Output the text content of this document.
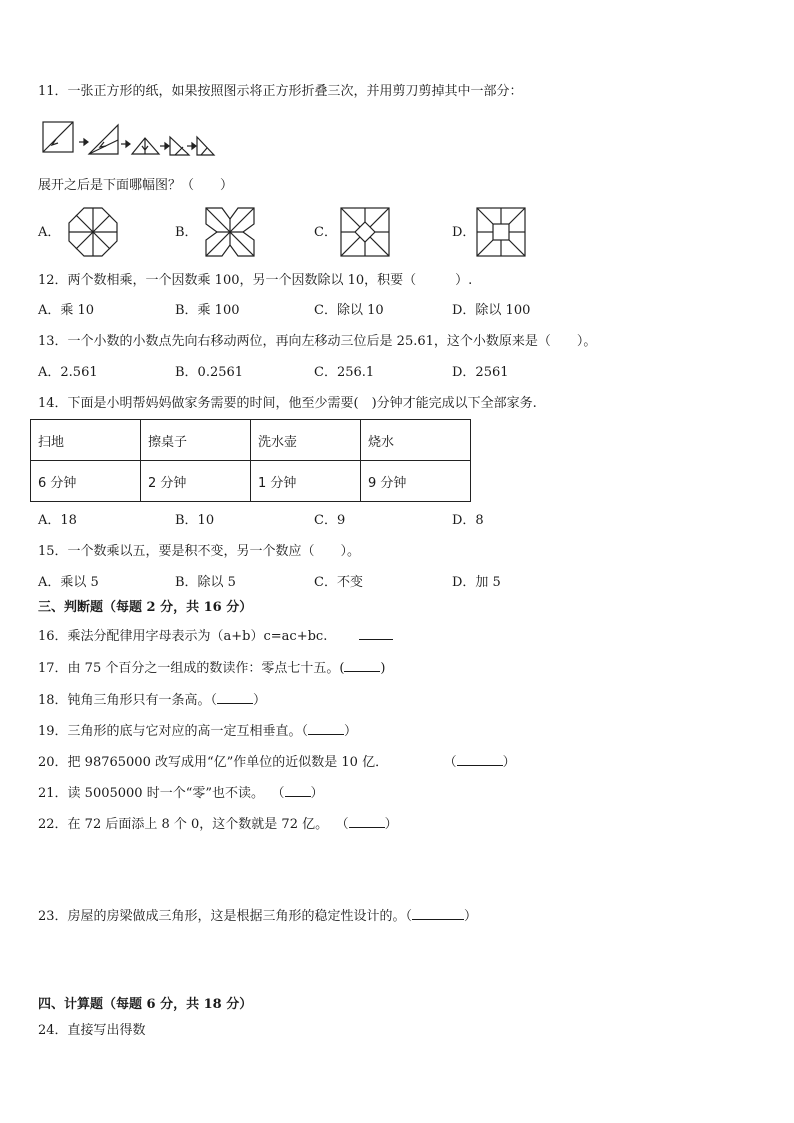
11．一张正方形的纸，如果按照图示将正方形折叠三次，并用剪刀剪掉其中一部分：
展开之后是下面哪幅图？（　　）
A．	B．	C．	D．
12．两个数相乘，一个因数乘 100，另一个因数除以 10，积要（　　　）.
A．乘 10	B．乘 100	C．除以 10	D．除以 100
13．一个小数的小数点先向右移动两位，再向左移动三位后是 25.61，这个小数原来是（　　）。
A．2.561	B．0.2561	C．256.1	D．2561
14．下面是小明帮妈妈做家务需要的时间，他至少需要(　)分钟才能完成以下全部家务.
扫地	擦桌子	洗水壶	烧水
6 分钟	2 分钟	1 分钟	9 分钟
A．18	B．10	C．9	D．8
15．一个数乘以五，要是积不变，另一个数应（　　）。
A．乘以 5	B．除以 5	C．不变	D．加 5
三、判断题（每题 2 分，共 16 分）
16．乘法分配律用字母表示为（a+b）c=ac+bc.
17．由 75 个百分之一组成的数读作：零点七十五。(	)
18．钝角三角形只有一条高。（	）
19．三角形的底与它对应的高一定互相垂直。（	）
20．把 98765000 改写成用“亿”作单位的近似数是 10 亿．	（	）
21．读 5005000 时一个“零”也不读。 （ ）
22．在 72 后面添上 8 个 0，这个数就是 72 亿。 （	）
23．房屋的房梁做成三角形，这是根据三角形的稳定性设计的。（	）
四、计算题（每题 6 分，共 18 分）
24．直接写出得数
